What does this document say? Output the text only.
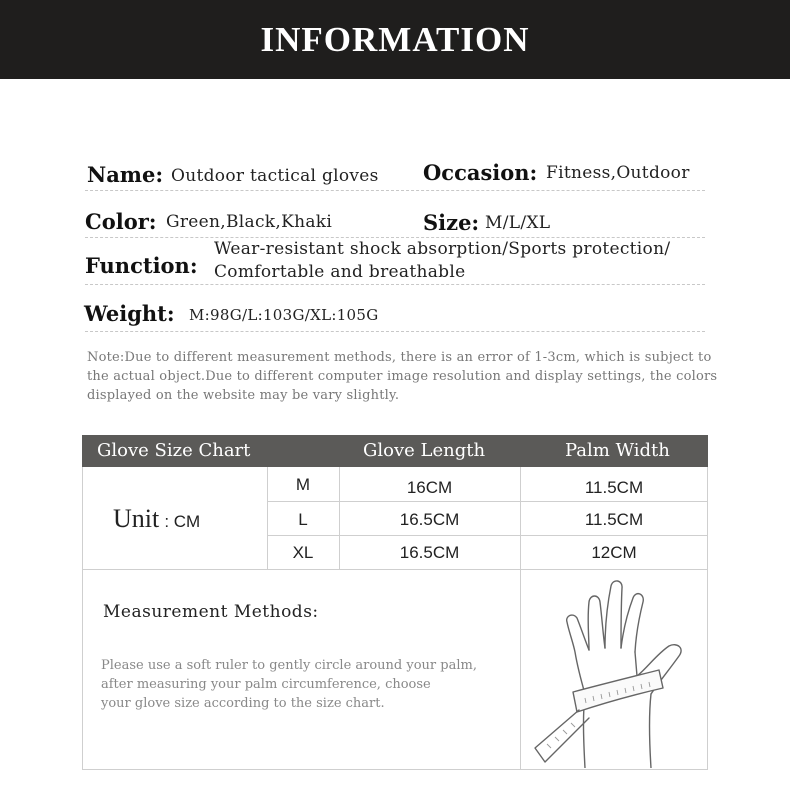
INFORMATION
Name: Outdoor tactical gloves Occasion: Fitness,Outdoor
Color: Green,Black,Khaki	Size: M/L/XL
Function:
Wear-resistant shock absorption/Sports protection/
Comfortable and breathable
Weight: M:98G/L:103G/XL:105G
Note:Due to different measurement methods, there is an error of 1-3cm, which is subject to the actual object.Due to different computer image resolution and display settings, the colors displayed on the website may be vary slightly.
Glove Size Chart	Glove Length	Palm Width
Unit : CM
M	16CM	11.5CM
L	16.5CM	11.5CM
XL	16.5CM	12CM
Measurement Methods:
Please use a soft ruler to gently circle around your palm,
after measuring your palm circumference, choose
your glove size according to the size chart.
